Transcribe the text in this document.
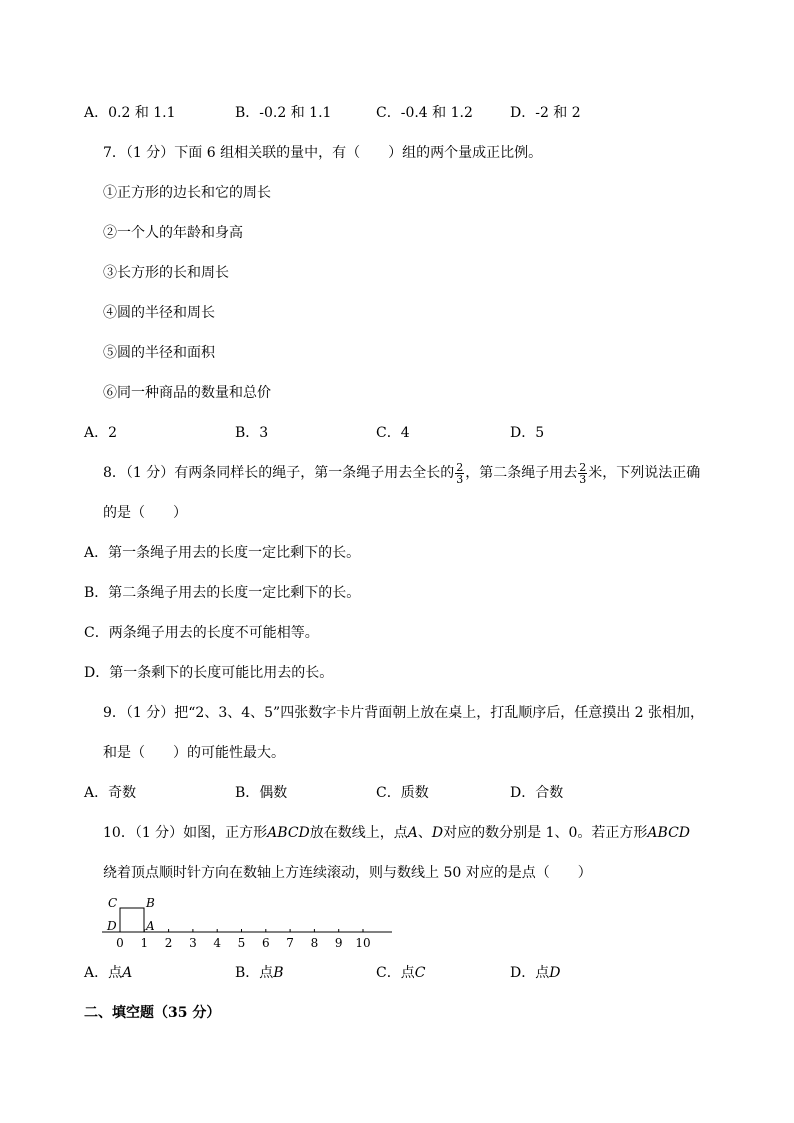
A．0.2 和 1.1	B．-0.2 和 1.1	C．-0.4 和 1.2	D．-2 和 2
7．（1 分）下面 6 组相关联的量中，有（　　）组的两个量成正比例。
①正方形的边长和它的周长
②一个人的年龄和身高
③长方形的长和周长
④圆的半径和周长
⑤圆的半径和面积
⑥同一种商品的数量和总价
A．2	B．3	C．4	D．5
8．（1 分）有两条同样长的绳子，第一条绳子用去全长的 $\frac{2}{3}$ ，第二条绳子用去 $\frac{2}{3}$ 米，下列说法正确
的是（　　）
A．第一条绳子用去的长度一定比剩下的长。
B．第二条绳子用去的长度一定比剩下的长。
C．两条绳子用去的长度不可能相等。
D．第一条剩下的长度可能比用去的长。
9．（1 分）把“2、3、4、5”四张数字卡片背面朝上放在桌上，打乱顺序后，任意摸出 2 张相加，
和是（　　）的可能性最大。
A．奇数	B．偶数	C．质数	D．合数
10．（1 分）如图，正方形ABCD放在数线上，点A、D对应的数分别是 1、0。若正方形ABCD
绕着顶点顺时针方向在数轴上方连续滚动，则与数线上 50 对应的是点（　　）
C B
D A
0 1 2 3 4 5 6 7 8 9 10
A．点A	B．点B	C．点C	D．点D
二、填空题（35 分）
